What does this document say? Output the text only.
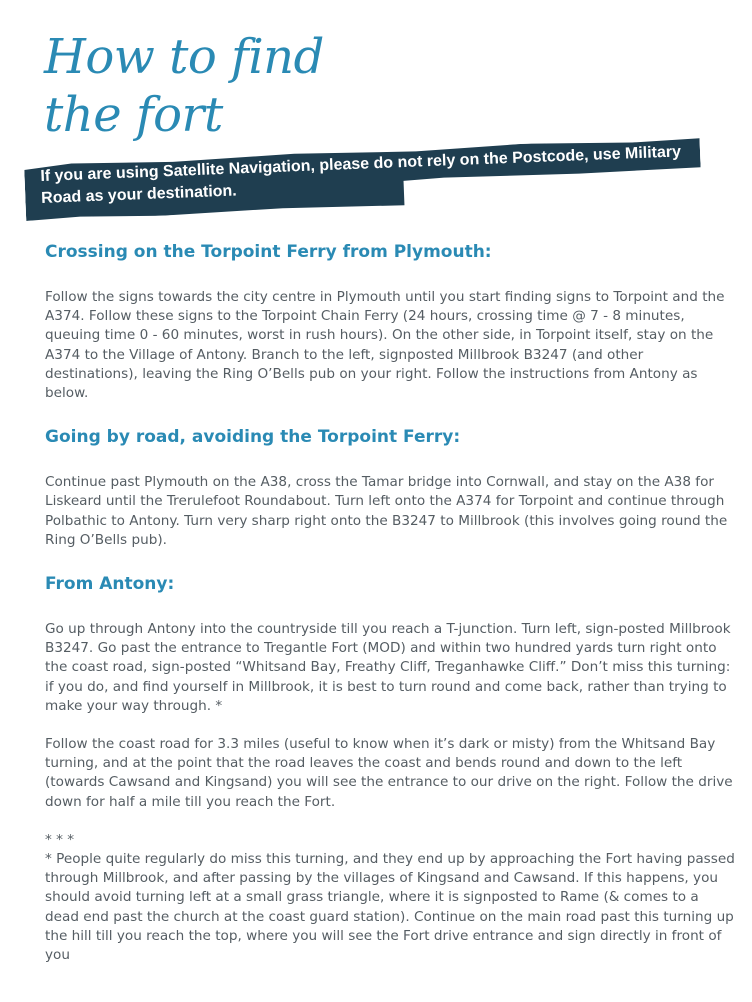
How to find
the fort

If you are using Satellite Navigation, please do not rely on the Postcode, use Military Road as your destination.

Crossing on the Torpoint Ferry from Plymouth:

Follow the signs towards the city centre in Plymouth until you start finding signs to Torpoint and the A374. Follow these signs to the Torpoint Chain Ferry (24 hours, crossing time @ 7 - 8 minutes, queuing time 0 - 60 minutes, worst in rush hours). On the other side, in Torpoint itself, stay on the A374 to the Village of Antony. Branch to the left, signposted Millbrook B3247 (and other destinations), leaving the Ring O’Bells pub on your right. Follow the instructions from Antony as below.

Going by road, avoiding the Torpoint Ferry:

Continue past Plymouth on the A38, cross the Tamar bridge into Cornwall, and stay on the A38 for Liskeard until the Trerulefoot Roundabout. Turn left onto the A374 for Torpoint and continue through Polbathic to Antony. Turn very sharp right onto the B3247 to Millbrook (this involves going round the Ring O’Bells pub).

From Antony:

Go up through Antony into the countryside till you reach a T-junction. Turn left, sign-posted Millbrook B3247. Go past the entrance to Tregantle Fort (MOD) and within two hundred yards turn right onto the coast road, sign-posted “Whitsand Bay, Freathy Cliff, Treganhawke Cliff.” Don’t miss this turning: if you do, and find yourself in Millbrook, it is best to turn round and come back, rather than trying to make your way through. *

Follow the coast road for 3.3 miles (useful to know when it’s dark or misty) from the Whitsand Bay turning, and at the point that the road leaves the coast and bends round and down to the left (towards Cawsand and Kingsand) you will see the entrance to our drive on the right. Follow the drive down for half a mile till you reach the Fort.

* * *

* People quite regularly do miss this turning, and they end up by approaching the Fort having passed through Millbrook, and after passing by the villages of Kingsand and Cawsand. If this happens, you should avoid turning left at a small grass triangle, where it is signposted to Rame (& comes to a dead end past the church at the coast guard station). Continue on the main road past this turning up the hill till you reach the top, where you will see the Fort drive entrance and sign directly in front of you
